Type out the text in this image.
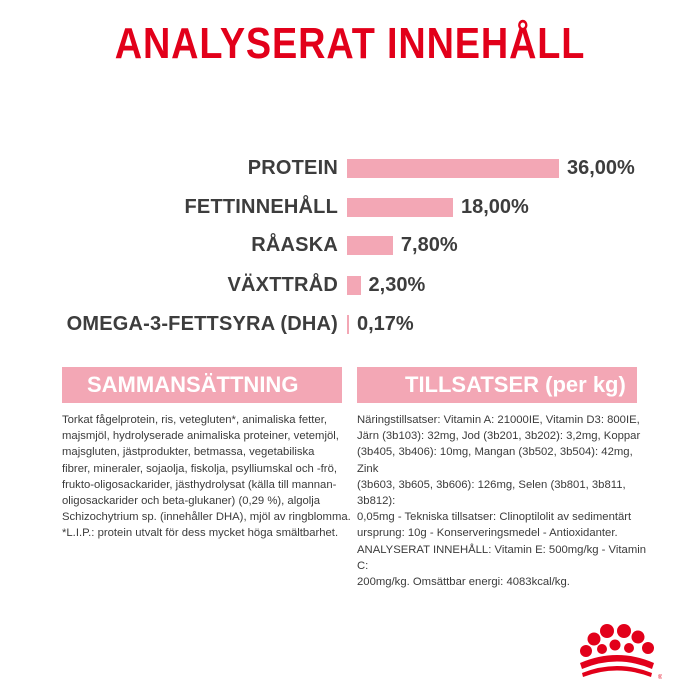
ANALYSERAT INNEHÅLL
PROTEIN	36,00%
FETTINNEHÅLL	18,00%
RÅASKA	7,80%
VÄXTTRÅD 2,30%
OMEGA-3-FETTSYRA (DHA) 0,17%
SAMMANSÄTTNING

Torkat fågelprotein, ris, vetegluten*, animaliska fetter,

majsmjöl, hydrolyserade animaliska proteiner, vetemjöl,

majsgluten, jästprodukter, betmassa, vegetabiliska

fibrer, mineraler, sojaolja, fiskolja, psylliumskal och -frö,

frukto-oligosackarider, jästhydrolysat (källa till mannan-

oligosackarider och beta-glukaner) (0,29 %), algolja

Schizochytrium sp. (innehåller DHA), mjöl av ringblomma.

*L.I.P.: protein utvalt för dess mycket höga smältbarhet.

TILLSATSER (per kg)

Näringstillsatser: Vitamin A: 21000IE, Vitamin D3: 800IE,

Järn (3b103): 32mg, Jod (3b201, 3b202): 3,2mg, Koppar

(3b405, 3b406): 10mg, Mangan (3b502, 3b504): 42mg, Zink

(3b603, 3b605, 3b606): 126mg, Selen (3b801, 3b811, 3b812):

0,05mg - Tekniska tillsatser: Clinoptilolit av sedimentärt

ursprung: 10g - Konserveringsmedel - Antioxidanter.

ANALYSERAT INNEHÅLL: Vitamin E: 500mg/kg - Vitamin C:

200mg/kg. Omsättbar energi: 4083kcal/kg.

®
